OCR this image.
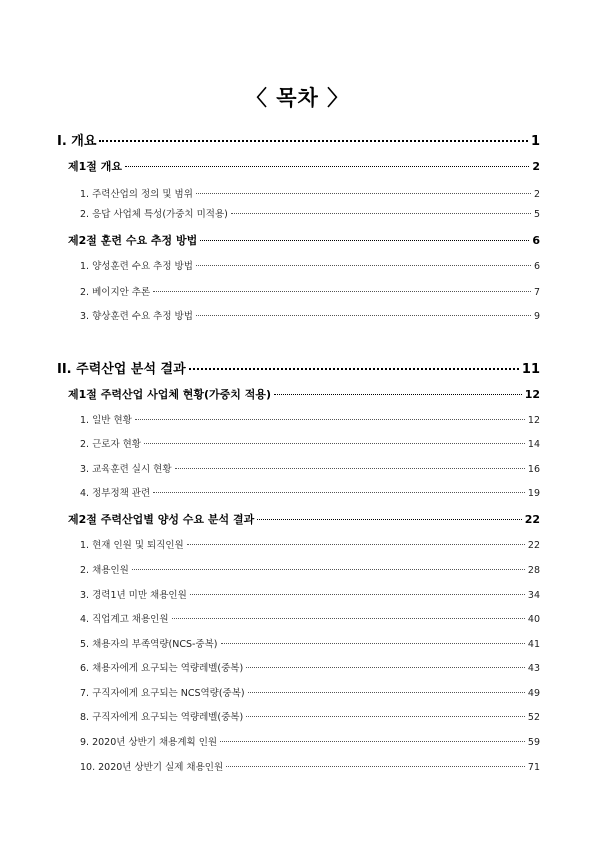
〈 목차 〉
I. 개요	1
제1절 개요	2
1. 주력산업의 정의 및 범위	2
2. 응답 사업체 특성(가중치 미적용)	5
제2절 훈련 수요 추정 방법	6
1. 양성훈련 수요 추정 방법	6
2. 베이지안 추론	7
3. 향상훈련 수요 추정 방법	9
II. 주력산업 분석 결과	11
제1절 주력산업 사업체 현황(가중치 적용)	12
1. 일반 현황	12
2. 근로자 현황	14
3. 교육훈련 실시 현황	16
4. 정부정책 관련	19
제2절 주력산업별 양성 수요 분석 결과	22
1. 현재 인원 및 퇴직인원	22
2. 채용인원	28
3. 경력1년 미만 채용인원	34
4. 직업계고 채용인원	40
5. 채용자의 부족역량(NCS-중복)	41
6. 채용자에게 요구되는 역량레벨(중복)	43
7. 구직자에게 요구되는 NCS역량(중복)	49
8. 구직자에게 요구되는 역량레벨(중복)	52
9. 2020년 상반기 채용계획 인원	59
10. 2020년 상반기 실제 채용인원	71
